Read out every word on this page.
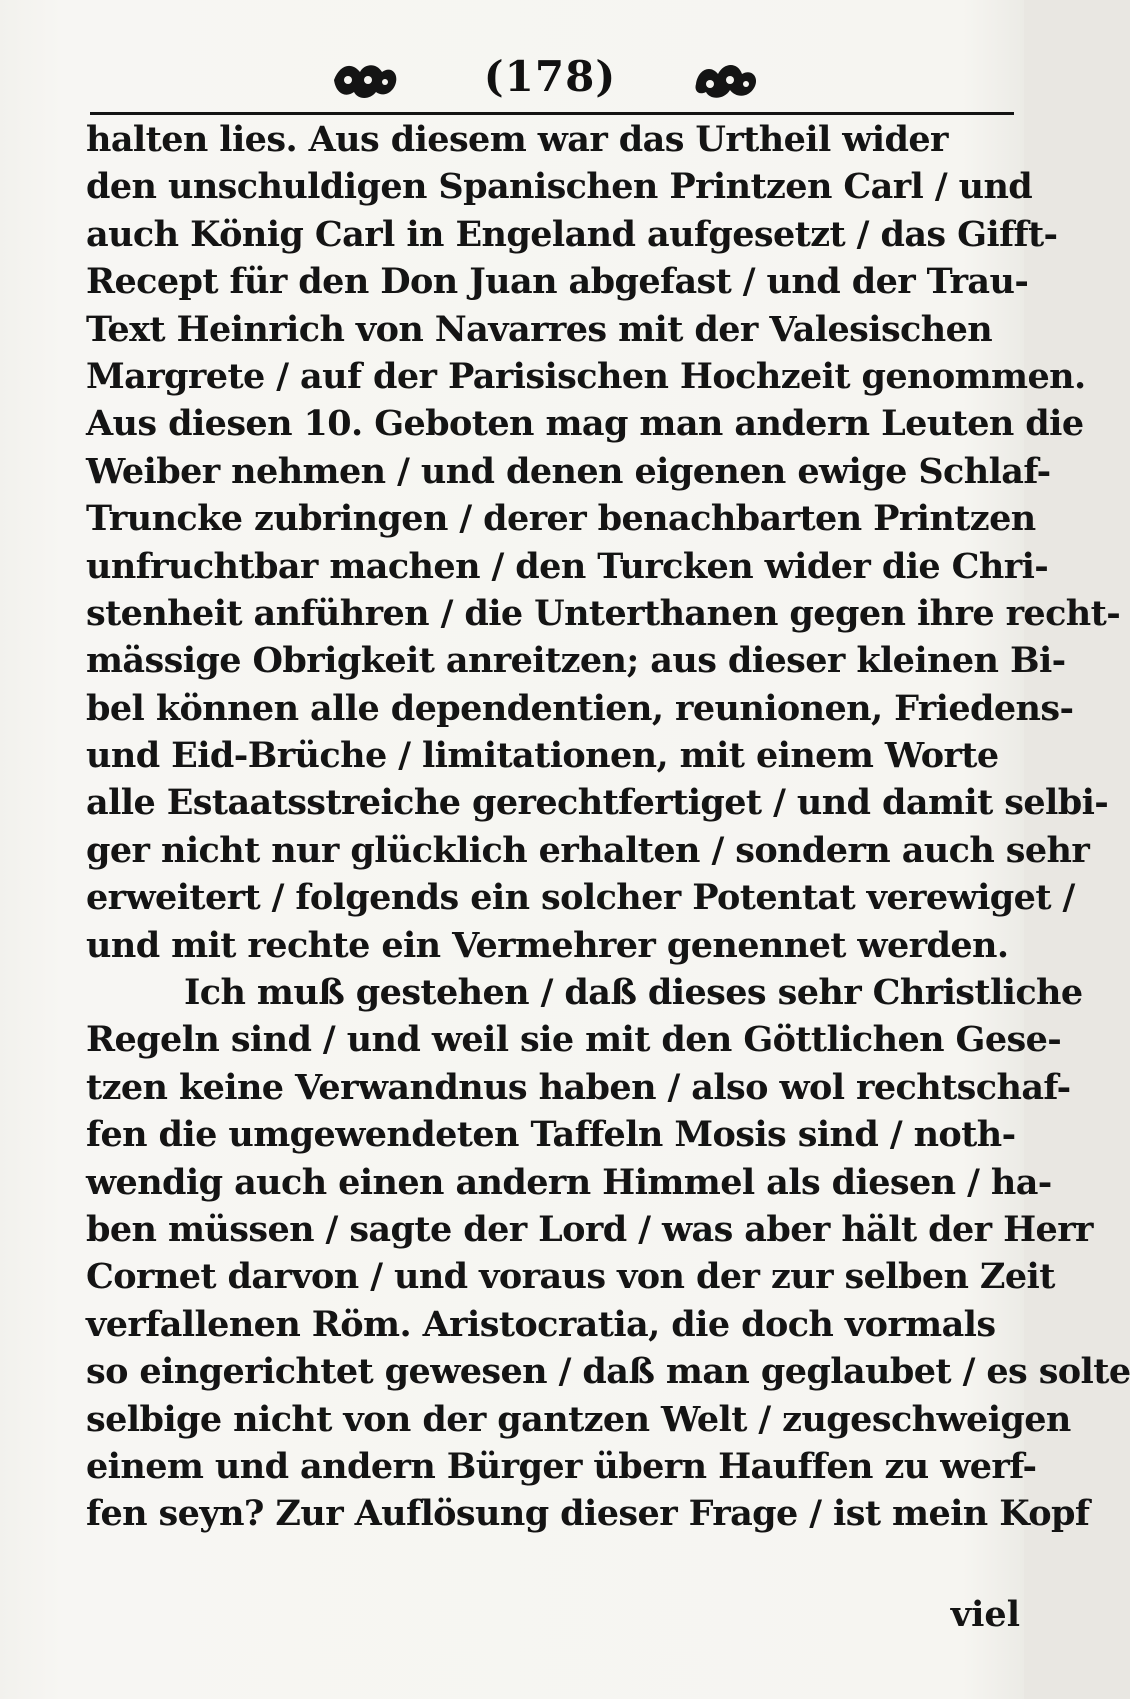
(178)
halten lies. Aus diesem war das Urtheil wider
den unschuldigen Spanischen Printzen Carl / und
auch König Carl in Engeland aufgesetzt / das Gifft-
Recept für den Don Juan abgefast / und der Trau-
Text Heinrich von Navarres mit der Valesischen
Margrete / auf der Parisischen Hochzeit genommen.
Aus diesen 10. Geboten mag man andern Leuten die
Weiber nehmen / und denen eigenen ewige Schlaf-
Truncke zubringen / derer benachbarten Printzen
unfruchtbar machen / den Turcken wider die Chri-
stenheit anführen / die Unterthanen gegen ihre recht-
mässige Obrigkeit anreitzen; aus dieser kleinen Bi-
bel können alle dependentien, reunionen, Friedens-
und Eid-Brüche / limitationen, mit einem Worte
alle Estaatsstreiche gerechtfertiget / und damit selbi-
ger nicht nur glücklich erhalten / sondern auch sehr
erweitert / folgends ein solcher Potentat verewiget /
und mit rechte ein Vermehrer genennet werden.
Ich muß gestehen / daß dieses sehr Christliche
Regeln sind / und weil sie mit den Göttlichen Gese-
tzen keine Verwandnus haben / also wol rechtschaf-
fen die umgewendeten Taffeln Mosis sind / noth-
wendig auch einen andern Himmel als diesen / ha-
ben müssen / sagte der Lord / was aber hält der Herr
Cornet darvon / und voraus von der zur selben Zeit
verfallenen Röm. Aristocratia, die doch vormals
so eingerichtet gewesen / daß man geglaubet / es solte
selbige nicht von der gantzen Welt / zugeschweigen
einem und andern Bürger übern Hauffen zu werf-
fen seyn? Zur Auflösung dieser Frage / ist mein Kopf
viel
